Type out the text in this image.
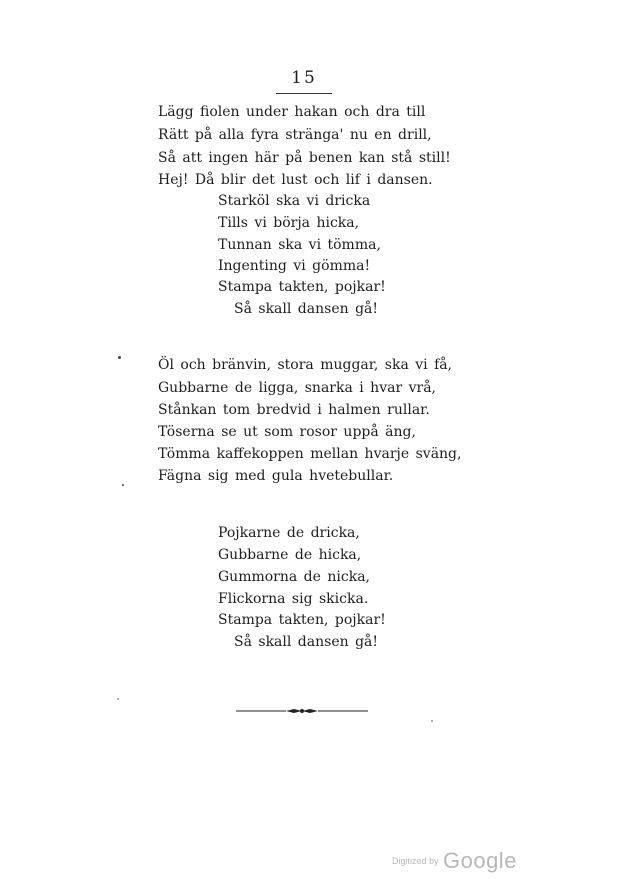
15
Lägg fiolen under hakan och dra till
Rätt på alla fyra stränga' nu en drill,
Så att ingen här på benen kan stå still!
Hej! Då blir det lust och lif i dansen.
Starköl ska vi dricka
Tills vi börja hicka,
Tunnan ska vi tömma,
Ingenting vi gömma!
Stampa takten, pojkar!
Så skall dansen gå!
Öl och bränvin, stora muggar, ska vi få,
Gubbarne de ligga, snarka i hvar vrå,
Stånkan tom bredvid i halmen rullar.
Töserna se ut som rosor uppå äng,
Tömma kaffekoppen mellan hvarje sväng,
Fägna sig med gula hvetebullar.
Pojkarne de dricka,
Gubbarne de hicka,
Gummorna de nicka,
Flickorna sig skicka.
Stampa takten, pojkar!
Så skall dansen gå!
Digitized by Google
